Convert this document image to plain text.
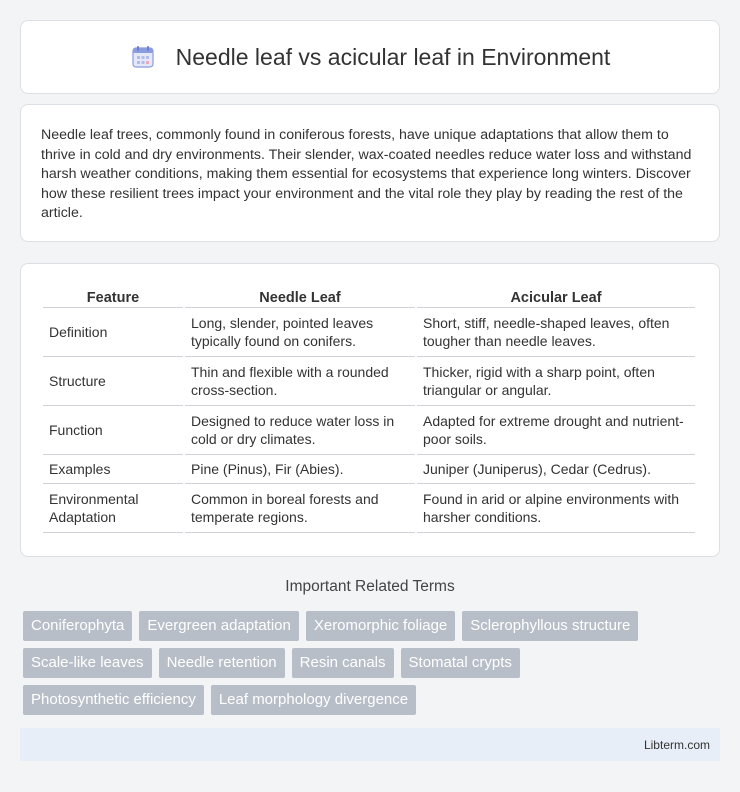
Needle leaf vs acicular leaf in Environment

Needle leaf trees, commonly found in coniferous forests, have unique adaptations that allow them to thrive in cold and dry environments. Their slender, wax-coated needles reduce water loss and withstand harsh weather conditions, making them essential for ecosystems that experience long winters. Discover how these resilient trees impact your environment and the vital role they play by reading the rest of the article.

Feature	Needle Leaf	Acicular Leaf
Definition	Long, slender, pointed leaves typically found on conifers.	Short, stiff, needle-shaped leaves, often tougher than needle leaves.
Structure	Thin and flexible with a rounded cross-section.	Thicker, rigid with a sharp point, often triangular or angular.
Function	Designed to reduce water loss in cold or dry climates.	Adapted for extreme drought and nutrient-poor soils.
Examples	Pine (Pinus), Fir (Abies).	Juniper (Juniperus), Cedar (Cedrus).
Environmental Adaptation	Common in boreal forests and temperate regions.	Found in arid or alpine environments with harsher conditions.
Important Related Terms
Coniferophyta	Evergreen adaptation	Xeromorphic foliage	Sclerophyllous structure
Scale-like leaves	Needle retention	Resin canals	Stomatal crypts
Photosynthetic efficiency	Leaf morphology divergence
Libterm.com
